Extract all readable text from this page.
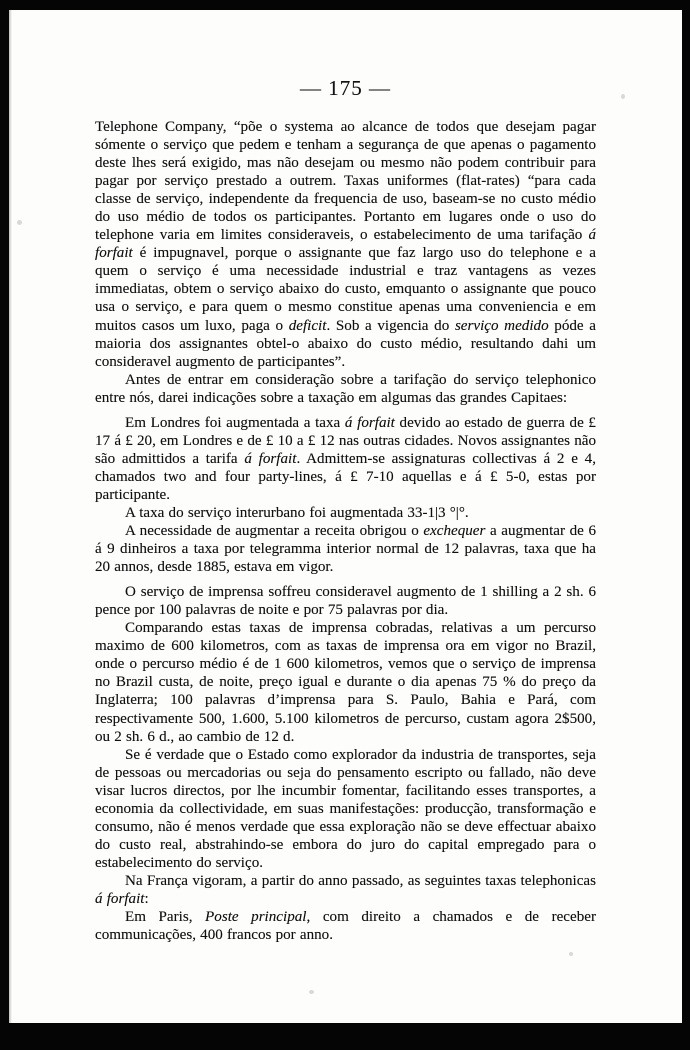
— 175 —

Telephone Company, “põe o systema ao alcance de todos que desejam pagar sómente o serviço que pedem e tenham a segurança de que apenas o pagamento deste lhes será exigido, mas não desejam ou mesmo não podem contribuir para pagar por serviço prestado a outrem. Taxas uniformes (flat-rates) “para cada classe de serviço, independente da frequencia de uso, baseam-se no custo médio do uso médio de todos os participantes. Portanto em lugares onde o uso do telephone varia em limites consideraveis, o estabelecimento de uma tarifação á forfait é impugnavel, porque o assignante que faz largo uso do telephone e a quem o serviço é uma necessidade industrial e traz vantagens as vezes immediatas, obtem o serviço abaixo do custo, emquanto o assignante que pouco usa o serviço, e para quem o mesmo constitue apenas uma conveniencia e em muitos casos um luxo, paga o deficit. Sob a vigencia do serviço medido póde a maioria dos assignantes obtel-o abaixo do custo médio, resultando dahi um consideravel augmento de participantes”.

Antes de entrar em consideração sobre a tarifação do serviço telephonico entre nós, darei indicações sobre a taxação em algumas das grandes Capitaes:

Em Londres foi augmentada a taxa á forfait devido ao estado de guerra de £ 17 á £ 20, em Londres e de £ 10 a £ 12 nas outras cidades. Novos assignantes não são admittidos a tarifa á forfait. Admittem-se assignaturas collectivas á 2 e 4, chamados two and four party-lines, á £ 7-10 aquellas e á £ 5-0, estas por participante.

A taxa do serviço interurbano foi augmentada 33-1|3 °|°.

A necessidade de augmentar a receita obrigou o exchequer a augmentar de 6 á 9 dinheiros a taxa por telegramma interior normal de 12 palavras, taxa que ha 20 annos, desde 1885, estava em vigor.

O serviço de imprensa soffreu consideravel augmento de 1 shilling a 2 sh. 6 pence por 100 palavras de noite e por 75 palavras por dia.

Comparando estas taxas de imprensa cobradas, relativas a um percurso maximo de 600 kilometros, com as taxas de imprensa ora em vigor no Brazil, onde o percurso médio é de 1 600 kilometros, vemos que o serviço de imprensa no Brazil custa, de noite, preço igual e durante o dia apenas 75 % do preço da Inglaterra; 100 palavras d’imprensa para S. Paulo, Bahia e Pará, com respectivamente 500, 1.600, 5.100 kilometros de percurso, custam agora 2$500, ou 2 sh. 6 d., ao cambio de 12 d.

Se é verdade que o Estado como explorador da industria de transportes, seja de pessoas ou mercadorias ou seja do pensamento escripto ou fallado, não deve visar lucros directos, por lhe incumbir fomentar, facilitando esses transportes, a economia da collectividade, em suas manifestações: producção, transformação e consumo, não é menos verdade que essa exploração não se deve effectuar abaixo do custo real, abstrahindo-se embora do juro do capital empregado para o estabelecimento do serviço.

Na França vigoram, a partir do anno passado, as seguintes taxas telephonicas á forfait:

Em Paris, Poste principal, com direito a chamados e de receber communicações, 400 francos por anno.
